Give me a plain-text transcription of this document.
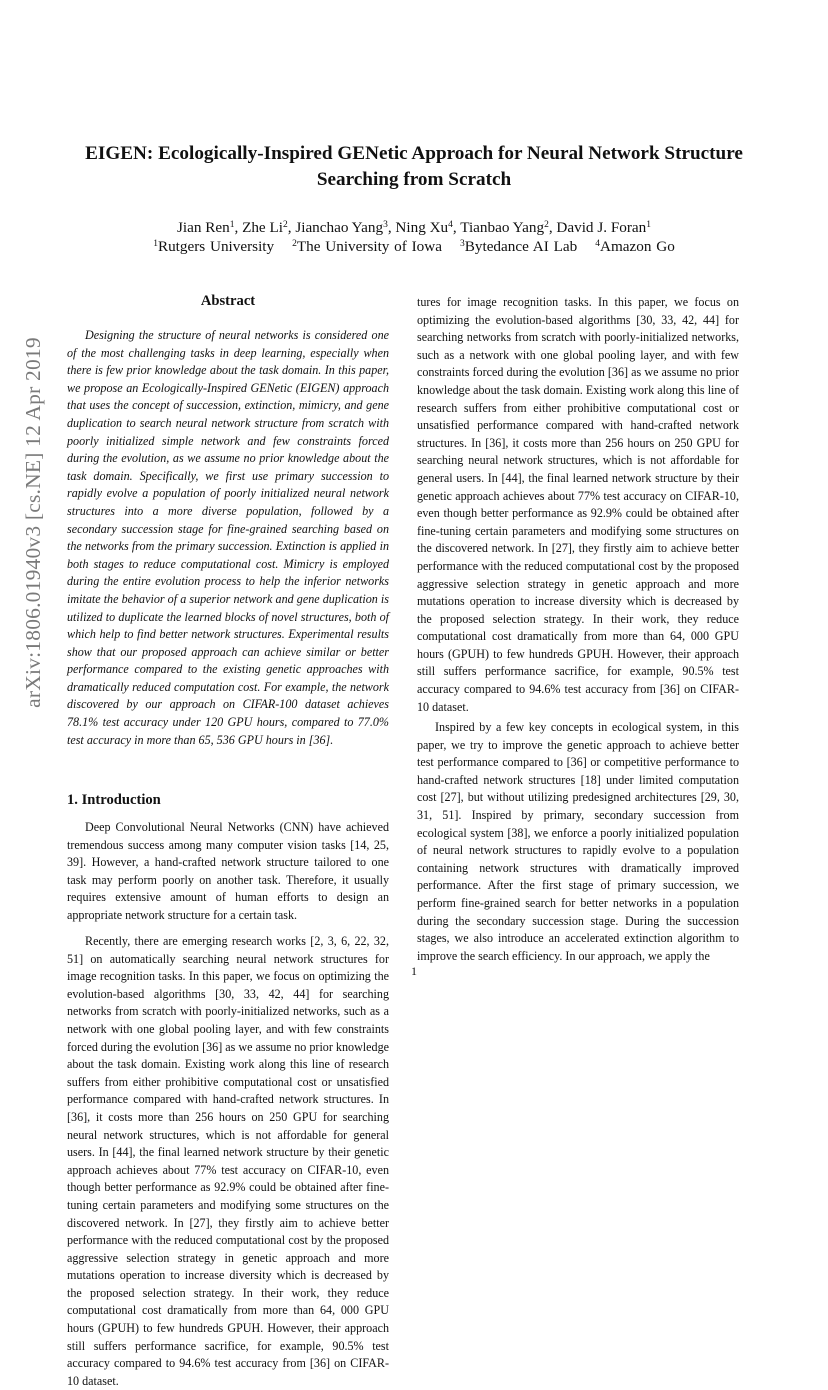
arXiv:1806.01940v3 [cs.NE] 12 Apr 2019
EIGEN: Ecologically-Inspired GENetic Approach for Neural Network Structure
Searching from Scratch
Jian Ren$^1$, Zhe Li$^2$, Jianchao Yang$^3$, Ning Xu$^4$, Tianbao Yang$^2$, David J. Foran$^1$
$^1$Rutgers University $^2$The University of Iowa $^3$Bytedance AI Lab $^4$Amazon Go
Abstract
Designing the structure of neural networks is considered one of the most challenging tasks in deep learning, especially when there is few prior knowledge about the task domain. In this paper, we propose an Ecologically-Inspired GENetic (EIGEN) approach that uses the concept of succession, extinction, mimicry, and gene duplication to search neural network structure from scratch with poorly initialized simple network and few constraints forced during the evolution, as we assume no prior knowledge about the task domain. Specifically, we first use primary succession to rapidly evolve a population of poorly initialized neural network structures into a more diverse population, followed by a secondary succession stage for fine-grained searching based on the networks from the primary succession. Extinction is applied in both stages to reduce computational cost. Mimicry is employed during the entire evolution process to help the inferior networks imitate the behavior of a superior network and gene duplication is utilized to duplicate the learned blocks of novel structures, both of which help to find better network structures. Experimental results show that our proposed approach can achieve similar or better performance compared to the existing genetic approaches with dramatically reduced computation cost. For example, the network discovered by our approach on CIFAR-100 dataset achieves 78.1% test accuracy under 120 GPU hours, compared to 77.0% test accuracy in more than 65, 536 GPU hours in [36].
1. Introduction
Deep Convolutional Neural Networks (CNN) have achieved tremendous success among many computer vision tasks [14, 25, 39]. However, a hand-crafted network structure tailored to one task may perform poorly on another task. Therefore, it usually requires extensive amount of human efforts to design an appropriate network structure for a certain task.
Recently, there are emerging research works [2, 3, 6, 22, 32, 51] on automatically searching neural network structures for image recognition tasks. In this paper, we focus on optimizing the evolution-based algorithms [30, 33, 42, 44] for searching networks from scratch with poorly-initialized networks, such as a network with one global pooling layer, and with few constraints forced during the evolution [36] as we assume no prior knowledge about the task domain. Existing work along this line of research suffers from either prohibitive computational cost or unsatisfied performance compared with hand-crafted network structures. In [36], it costs more than 256 hours on 250 GPU for searching neural network structures, which is not affordable for general users. In [44], the final learned network structure by their genetic approach achieves about 77% test accuracy on CIFAR-10, even though better performance as 92.9% could be obtained after fine-tuning certain parameters and modifying some structures on the discovered network. In [27], they firstly aim to achieve better performance with the reduced computational cost by the proposed aggressive selection strategy in genetic approach and more mutations operation to increase diversity which is decreased by the proposed selection strategy. In their work, they reduce computational cost dramatically from more than 64, 000 GPU hours (GPUH) to few hundreds GPUH. However, their approach still suffers performance sacrifice, for example, 90.5% test accuracy compared to 94.6% test accuracy from [36] on CIFAR-10 dataset.
tures for image recognition tasks. In this paper, we focus on optimizing the evolution-based algorithms [30, 33, 42, 44] for searching networks from scratch with poorly-initialized networks, such as a network with one global pooling layer, and with few constraints forced during the evolution [36] as we assume no prior knowledge about the task domain. Existing work along this line of research suffers from either prohibitive computational cost or unsatisfied performance compared with hand-crafted network structures. In [36], it costs more than 256 hours on 250 GPU for searching neural network structures, which is not affordable for general users. In [44], the final learned network structure by their genetic approach achieves about 77% test accuracy on CIFAR-10, even though better performance as 92.9% could be obtained after fine-tuning certain parameters and modifying some structures on the discovered network. In [27], they firstly aim to achieve better performance with the reduced computational cost by the proposed aggressive selection strategy in genetic approach and more mutations operation to increase diversity which is decreased by the proposed selection strategy. In their work, they reduce computational cost dramatically from more than 64, 000 GPU hours (GPUH) to few hundreds GPUH. However, their approach still suffers performance sacrifice, for example, 90.5% test accuracy compared to 94.6% test accuracy from [36] on CIFAR-10 dataset.
Inspired by a few key concepts in ecological system, in this paper, we try to improve the genetic approach to achieve better test performance compared to [36] or competitive performance to hand-crafted network structures [18] under limited computation cost [27], but without utilizing predesigned architectures [29, 30, 31, 51]. Inspired by primary, secondary succession from ecological system [38], we enforce a poorly initialized population of neural network structures to rapidly evolve to a population containing network structures with dramatically improved performance. After the first stage of primary succession, we perform fine-grained search for better networks in a population during the secondary succession stage. During the succession stages, we also introduce an accelerated extinction algorithm to improve the search efficiency. In our approach, we apply the
1
